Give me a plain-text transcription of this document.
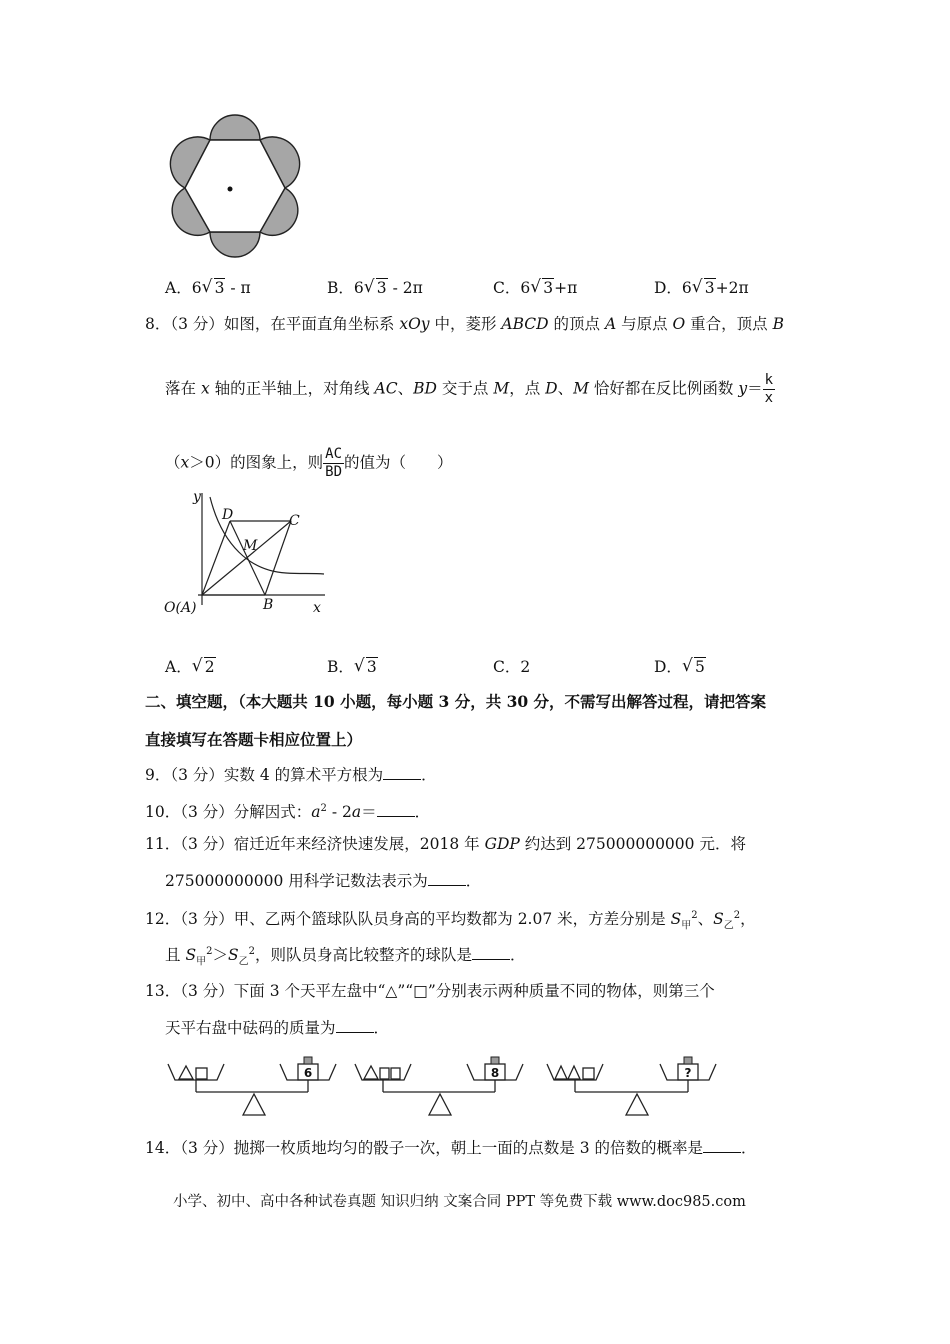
A．6 √ 3 - π	B．6 √ 3 - 2π	C．6 √ 3+π	D．6 √ 3+2π
8．（3 分）如图，在平面直角坐标系 xOy 中，菱形 ABCD 的顶点 A 与原点 O 重合，顶点 B
落在 x 轴的正半轴上，对角线 AC、BD 交于点 M，点 D、M 恰好都在反比例函数 $y= \frac{k}{x}$
（x＞0）的图象上，则 $\frac{AC}{BD}$ 的值为（　　）
y
D	C
M
O(A)	B	x
A． √ 2	B． √ 3	C．2	D． √ 5
二、填空题，（本大题共 10 小题，每小题 3 分，共 30 分，不需写出解答过程，请把答案
直接填写在答题卡相应位置上）
9．（3 分）实数 4 的算术平方根为 ．
10．（3 分）分解因式：$a^2 - 2a=$ ．
11．（3 分）宿迁近年来经济快速发展，2018 年 GDP 约达到 275000000000 元．将
275000000000 用科学记数法表示为 ．
12．（3 分）甲、乙两个篮球队队员身高的平均数都为 2.07 米，方差分别是 $S_甲^2$、$S_乙^2$，
且 $S_甲^2>S_乙^2$，则队员身高比较整齐的球队是 ．
13．（3 分）下面 3 个天平左盘中“△”“□”分别表示两种质量不同的物体，则第三个
天平右盘中砝码的质量为 ．
6	8	?
14．（3 分）抛掷一枚质地均匀的骰子一次，朝上一面的点数是 3 的倍数的概率是 ．
小学、初中、高中各种试卷真题 知识归纳 文案合同 PPT 等免费下载 www.doc985.com
